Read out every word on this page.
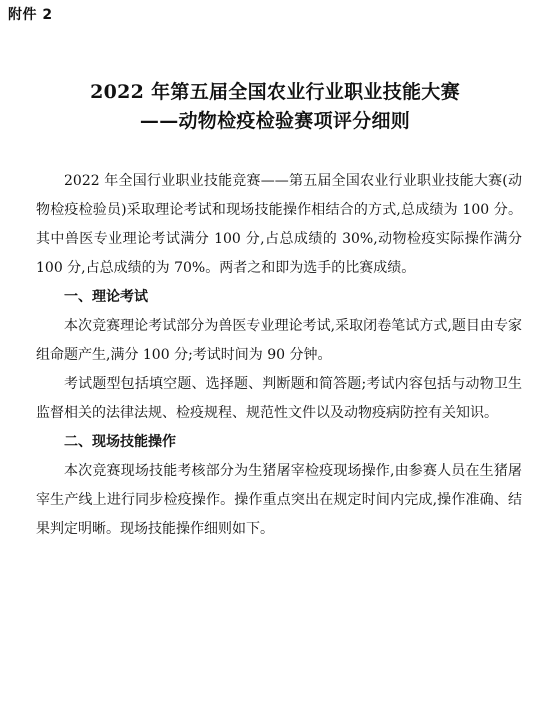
附件 2
2022 年第五届全国农业行业职业技能大赛
——动物检疫检验赛项评分细则

2022 年全国行业职业技能竞赛——第五届全国农业行业职业技能大赛(动物检疫检验员)采取理论考试和现场技能操作相结合的方式,总成绩为 100 分。其中兽医专业理论考试满分 100 分,占总成绩的 30%,动物检疫实际操作满分 100 分,占总成绩的为 70%。两者之和即为选手的比赛成绩。

一、理论考试

本次竞赛理论考试部分为兽医专业理论考试,采取闭卷笔试方式,题目由专家组命题产生,满分 100 分;考试时间为 90 分钟。

考试题型包括填空题、选择题、判断题和简答题;考试内容包括与动物卫生监督相关的法律法规、检疫规程、规范性文件以及动物疫病防控有关知识。

二、现场技能操作

本次竞赛现场技能考核部分为生猪屠宰检疫现场操作,由参赛人员在生猪屠宰生产线上进行同步检疫操作。操作重点突出在规定时间内完成,操作准确、结果判定明晰。现场技能操作细则如下。
